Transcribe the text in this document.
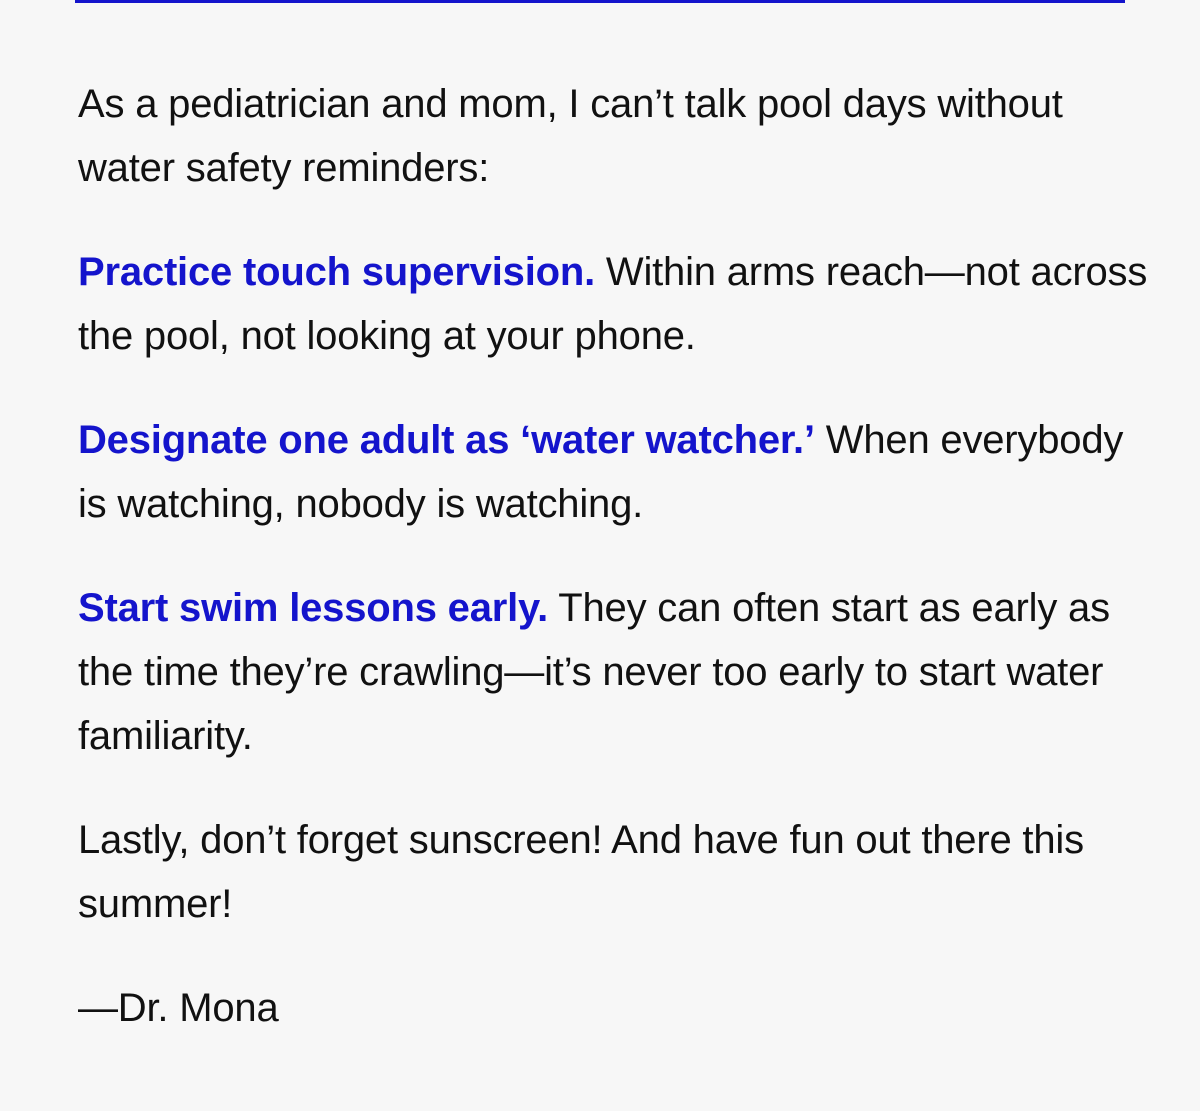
As a pediatrician and mom, I can’t talk pool days without water safety reminders:

Practice touch supervision. Within arms reach—not across the pool, not looking at your phone.

Designate one adult as ‘water watcher.’ When everybody is watching, nobody is watching.

Start swim lessons early. They can often start as early as the time they’re crawling—it’s never too early to start water familiarity.

Lastly, don’t forget sunscreen! And have fun out there this summer!

—Dr. Mona
